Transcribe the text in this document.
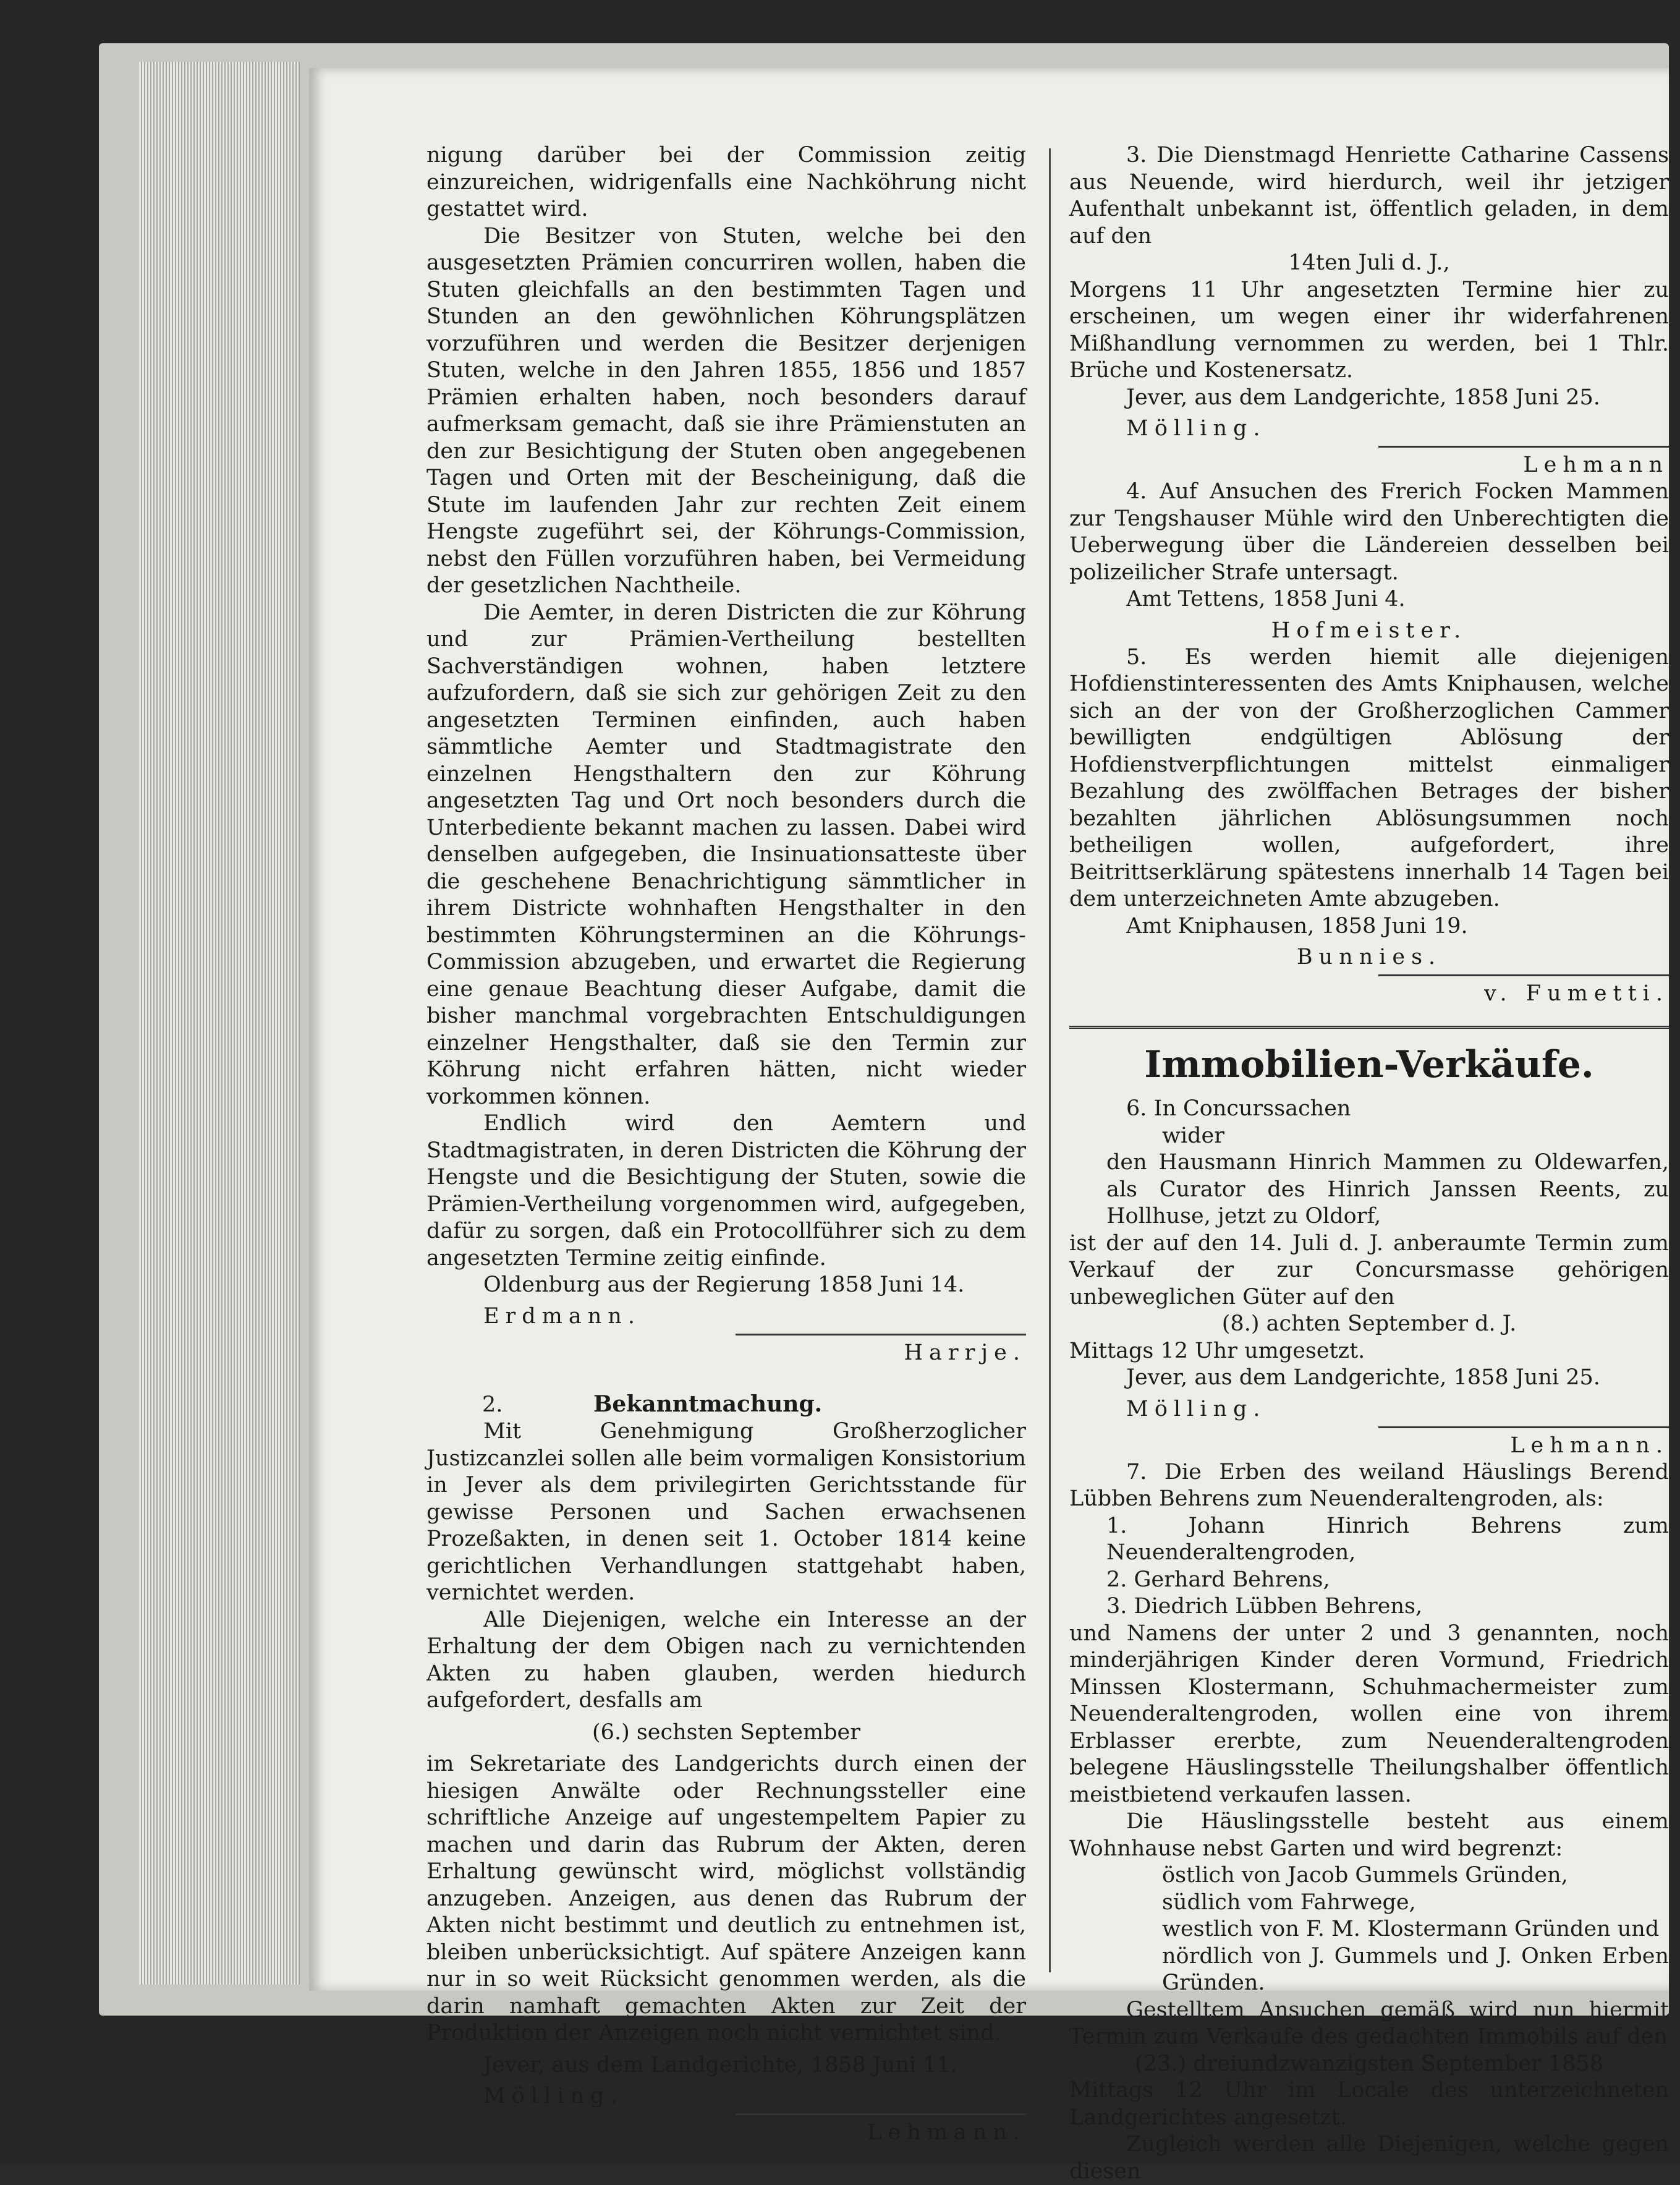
nigung darüber bei der Commission zeitig einzureichen, widrigenfalls eine Nachköhrung nicht gestattet wird.

Die Besitzer von Stuten, welche bei den ausgesetzten Prämien concurriren wollen, haben die Stuten gleichfalls an den bestimmten Tagen und Stunden an den gewöhnlichen Köhrungsplätzen vorzuführen und werden die Besitzer derjenigen Stuten, welche in den Jahren 1855, 1856 und 1857 Prämien erhalten haben, noch besonders darauf aufmerksam gemacht, daß sie ihre Prämienstuten an den zur Besichtigung der Stuten oben angegebenen Tagen und Orten mit der Bescheinigung, daß die Stute im laufenden Jahr zur rechten Zeit einem Hengste zugeführt sei, der Köhrungs-Commission, nebst den Füllen vorzuführen haben, bei Vermeidung der gesetzlichen Nachtheile.

Die Aemter, in deren Districten die zur Köhrung und zur Prämien-Vertheilung bestellten Sachverständigen wohnen, haben letztere aufzufordern, daß sie sich zur gehörigen Zeit zu den angesetzten Terminen einfinden, auch haben sämmtliche Aemter und Stadtmagistrate den einzelnen Hengsthaltern den zur Köhrung angesetzten Tag und Ort noch besonders durch die Unterbediente bekannt machen zu lassen. Dabei wird denselben aufgegeben, die Insinuationsatteste über die geschehene Benachrichtigung sämmtlicher in ihrem Districte wohnhaften Hengsthalter in den bestimmten Köhrungsterminen an die Köhrungs-Commission abzugeben, und erwartet die Regierung eine genaue Beachtung dieser Aufgabe, damit die bisher manchmal vorgebrachten Entschuldigungen einzelner Hengsthalter, daß sie den Termin zur Köhrung nicht erfahren hätten, nicht wieder vorkommen können.

Endlich wird den Aemtern und Stadtmagistraten, in deren Districten die Köhrung der Hengste und die Besichtigung der Stuten, sowie die Prämien-Vertheilung vorgenommen wird, aufgegeben, dafür zu sorgen, daß ein Protocollführer sich zu dem angesetzten Termine zeitig einfinde.

Oldenburg aus der Regierung 1858 Juni 14.

Erdmann.

Harrje.

2.	Bekanntmachung.

Mit Genehmigung Großherzoglicher Justizcanzlei sollen alle beim vormaligen Konsistorium in Jever als dem privilegirten Gerichtsstande für gewisse Personen und Sachen erwachsenen Prozeßakten, in denen seit 1. October 1814 keine gerichtlichen Verhandlungen stattgehabt haben, vernichtet werden.

Alle Diejenigen, welche ein Interesse an der Erhaltung der dem Obigen nach zu vernichtenden Akten zu haben glauben, werden hiedurch aufgefordert, desfalls am

(6.) sechsten September

im Sekretariate des Landgerichts durch einen der hiesigen Anwälte oder Rechnungssteller eine schriftliche Anzeige auf ungestempeltem Papier zu machen und darin das Rubrum der Akten, deren Erhaltung gewünscht wird, möglichst vollständig anzugeben. Anzeigen, aus denen das Rubrum der Akten nicht bestimmt und deutlich zu entnehmen ist, bleiben unberücksichtigt. Auf spätere Anzeigen kann nur in so weit Rücksicht genommen werden, als die darin namhaft gemachten Akten zur Zeit der Produktion der Anzeigen noch nicht vernichtet sind.

Jever, aus dem Landgerichte, 1858 Juni 11.

Mölling.

Lehmann.

3. Die Dienstmagd Henriette Catharine Cassens aus Neuende, wird hierdurch, weil ihr jetziger Aufenthalt unbekannt ist, öffentlich geladen, in dem auf den

14ten Juli d. J.,

Morgens 11 Uhr angesetzten Termine hier zu erscheinen, um wegen einer ihr widerfahrenen Mißhandlung vernommen zu werden, bei 1 Thlr. Brüche und Kostenersatz.

Jever, aus dem Landgerichte, 1858 Juni 25.

Mölling.

Lehmann

4. Auf Ansuchen des Frerich Focken Mammen zur Tengshauser Mühle wird den Unberechtigten die Ueberwegung über die Ländereien desselben bei polizeilicher Strafe untersagt.

Amt Tettens, 1858 Juni 4.

Hofmeister.

5. Es werden hiemit alle diejenigen Hofdienstinteressenten des Amts Kniphausen, welche sich an der von der Großherzoglichen Cammer bewilligten endgültigen Ablösung der Hofdienstverpflichtungen mittelst einmaliger Bezahlung des zwölffachen Betrages der bisher bezahlten jährlichen Ablösungsummen noch betheiligen wollen, aufgefordert, ihre Beitrittserklärung spätestens innerhalb 14 Tagen bei dem unterzeichneten Amte abzugeben.

Amt Kniphausen, 1858 Juni 19.

Bunnies.

v. Fumetti.

Immobilien-Verkäufe.

6. In Concurssachen

wider

den Hausmann Hinrich Mammen zu Oldewarfen, als Curator des Hinrich Janssen Reents, zu Hollhuse, jetzt zu Oldorf,

ist der auf den 14. Juli d. J. anberaumte Termin zum Verkauf der zur Concursmasse gehörigen unbeweglichen Güter auf den

(8.) achten September d. J.

Mittags 12 Uhr umgesetzt.

Jever, aus dem Landgerichte, 1858 Juni 25.

Mölling.

Lehmann.

7. Die Erben des weiland Häuslings Berend Lübben Behrens zum Neuenderaltengroden, als:

1. Johann Hinrich Behrens zum Neuenderaltengroden,

2. Gerhard Behrens,

3. Diedrich Lübben Behrens,

und Namens der unter 2 und 3 genannten, noch minderjährigen Kinder deren Vormund, Friedrich Minssen Klostermann, Schuhmachermeister zum Neuenderaltengroden, wollen eine von ihrem Erblasser ererbte, zum Neuenderaltengroden belegene Häuslingsstelle Theilungshalber öffentlich meistbietend verkaufen lassen.

Die Häuslingsstelle besteht aus einem Wohnhause nebst Garten und wird begrenzt:

östlich von Jacob Gummels Gründen,

südlich vom Fahrwege,

westlich von F. M. Klostermann Gründen und

nördlich von J. Gummels und J. Onken Erben Gründen.

Gestelltem Ansuchen gemäß wird nun hiermit Termin zum Verkaufe des gedachten Immobils auf den

(23.) dreiundzwanzigsten September 1858

Mittags 12 Uhr im Locale des unterzeichneten Landgerichtes angesetzt.

Zugleich werden alle Diejenigen, welche gegen diesen
